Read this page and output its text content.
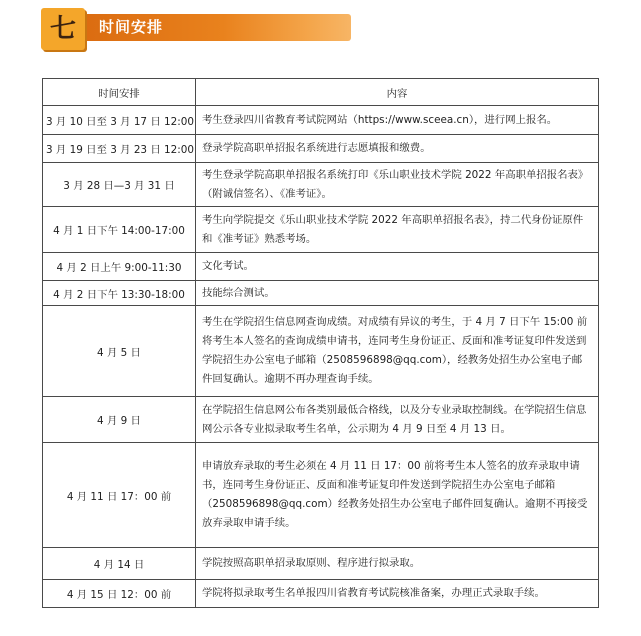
七	时间安排
时间安排	内容
3 月 10 日至 3 月 17 日 12:00	考生登录四川省教育考试院网站（https://www.sceea.cn），进行网上报名。
3 月 19 日至 3 月 23 日 12:00	登录学院高职单招报名系统进行志愿填报和缴费。
3 月 28 日—3 月 31 日	考生登录学院高职单招报名系统打印《乐山职业技术学院 2022 年高职单招报名表》（附诚信签名）、《准考证》。
4 月 1 日下午 14:00-17:00	考生向学院提交《乐山职业技术学院 2022 年高职单招报名表》，持二代身份证原件和《准考证》熟悉考场。
4 月 2 日上午 9:00-11:30	文化考试。
4 月 2 日下午 13:30-18:00	技能综合测试。
4 月 5 日	考生在学院招生信息网查询成绩。对成绩有异议的考生，于 4 月 7 日下午 15:00 前将考生本人签名的查询成绩申请书，连同考生身份证正、反面和准考证复印件发送到学院招生办公室电子邮箱（2508596898@qq.com），经教务处招生办公室电子邮件回复确认。逾期不再办理查询手续。
4 月 9 日	在学院招生信息网公布各类别最低合格线，以及分专业录取控制线。在学院招生信息网公示各专业拟录取考生名单，公示期为 4 月 9 日至 4 月 13 日。
4 月 11 日 17：00 前	申请放弃录取的考生必须在 4 月 11 日 17：00 前将考生本人签名的放弃录取申请书，连同考生身份证正、反面和准考证复印件发送到学院招生办公室电子邮箱（2508596898@qq.com）经教务处招生办公室电子邮件回复确认。逾期不再接受放弃录取申请手续。
4 月 14 日	学院按照高职单招录取原则、程序进行拟录取。
4 月 15 日 12：00 前	学院将拟录取考生名单报四川省教育考试院核准备案，办理正式录取手续。
